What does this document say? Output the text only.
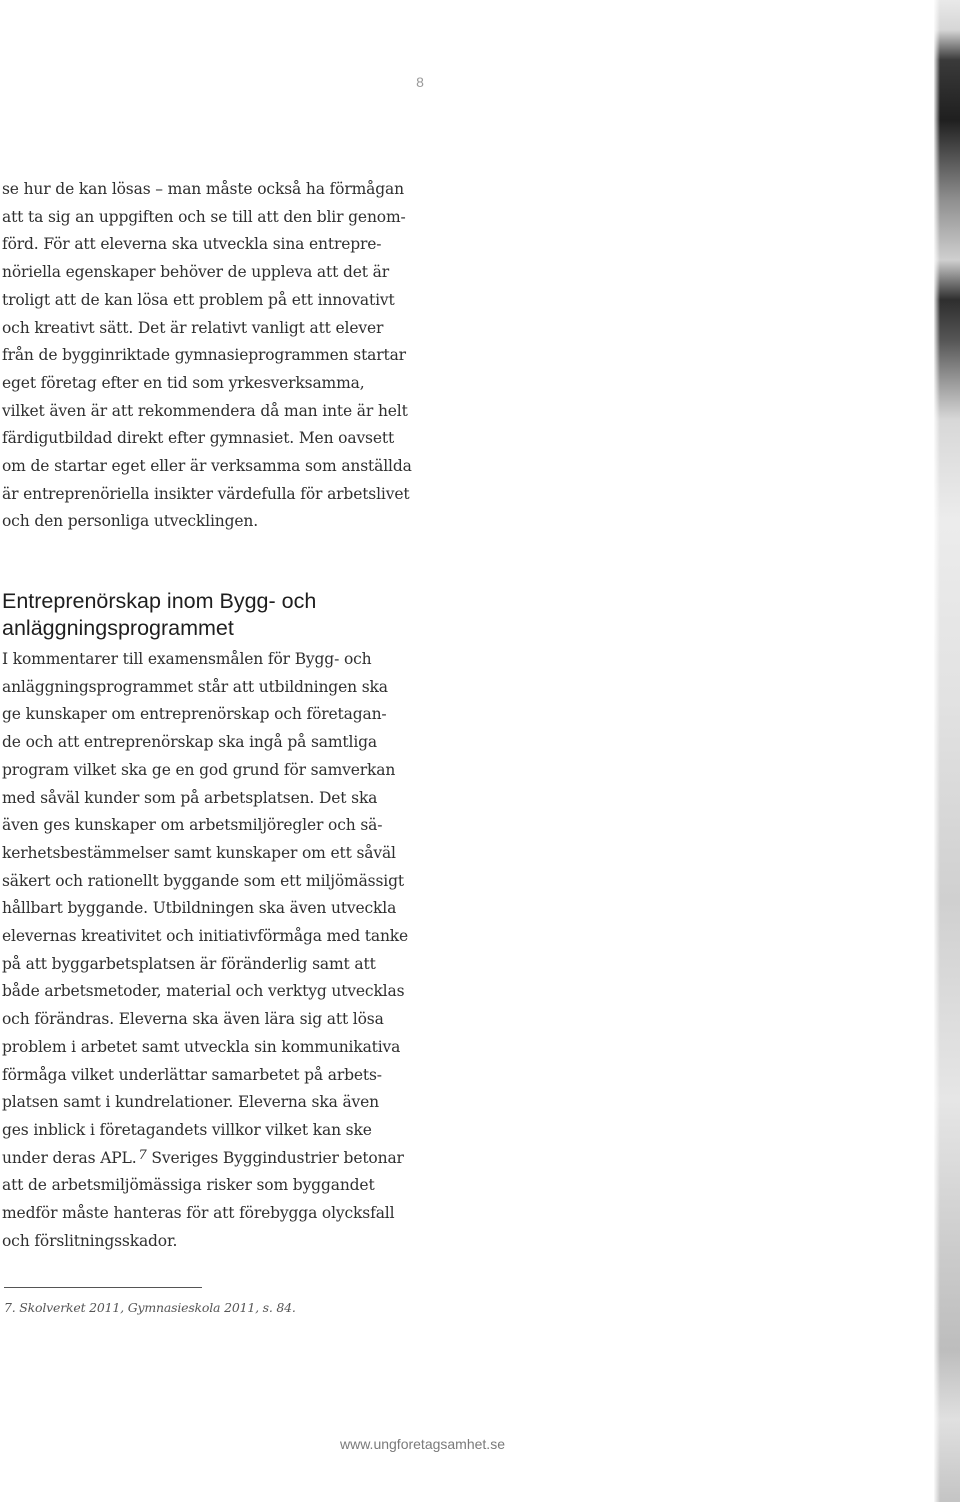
8

se hur de kan lösas – man måste också ha förmågan
att ta sig an uppgiften och se till att den blir genom-
förd. För att eleverna ska utveckla sina entrepre-
nöriella egenskaper behöver de uppleva att det är
troligt att de kan lösa ett problem på ett innovativt
och kreativt sätt. Det är relativt vanligt att elever
från de bygginriktade gymnasieprogrammen startar
eget företag efter en tid som yrkesverksamma,
vilket även är att rekommendera då man inte är helt
färdigutbildad direkt efter gymnasiet. Men oavsett
om de startar eget eller är verksamma som anställda
är entreprenöriella insikter värdefulla för arbetslivet
och den personliga utvecklingen.

Entreprenörskap inom Bygg- och
anläggningsprogrammet

I kommentarer till examensmålen för Bygg- och
anläggningsprogrammet står att utbildningen ska
ge kunskaper om entreprenörskap och företagan-
de och att entreprenörskap ska ingå på samtliga
program vilket ska ge en god grund för samverkan
med såväl kunder som på arbetsplatsen. Det ska
även ges kunskaper om arbetsmiljöregler och sä-
kerhetsbestämmelser samt kunskaper om ett såväl
säkert och rationellt byggande som ett miljömässigt
hållbart byggande. Utbildningen ska även utveckla
elevernas kreativitet och initiativförmåga med tanke
på att byggarbetsplatsen är föränderlig samt att
både arbetsmetoder, material och verktyg utvecklas
och förändras. Eleverna ska även lära sig att lösa
problem i arbetet samt utveckla sin kommunikativa
förmåga vilket underlättar samarbetet på arbets-
platsen samt i kundrelationer. Eleverna ska även
ges inblick i företagandets villkor vilket kan ske
under deras APL. $^7$ Sveriges Byggindustrier betonar
att de arbetsmiljömässiga risker som byggandet
medför måste hanteras för att förebygga olycksfall
och förslitningsskador.

7. Skolverket 2011, Gymnasieskola 2011, s. 84.
www.ungforetagsamhet.se
